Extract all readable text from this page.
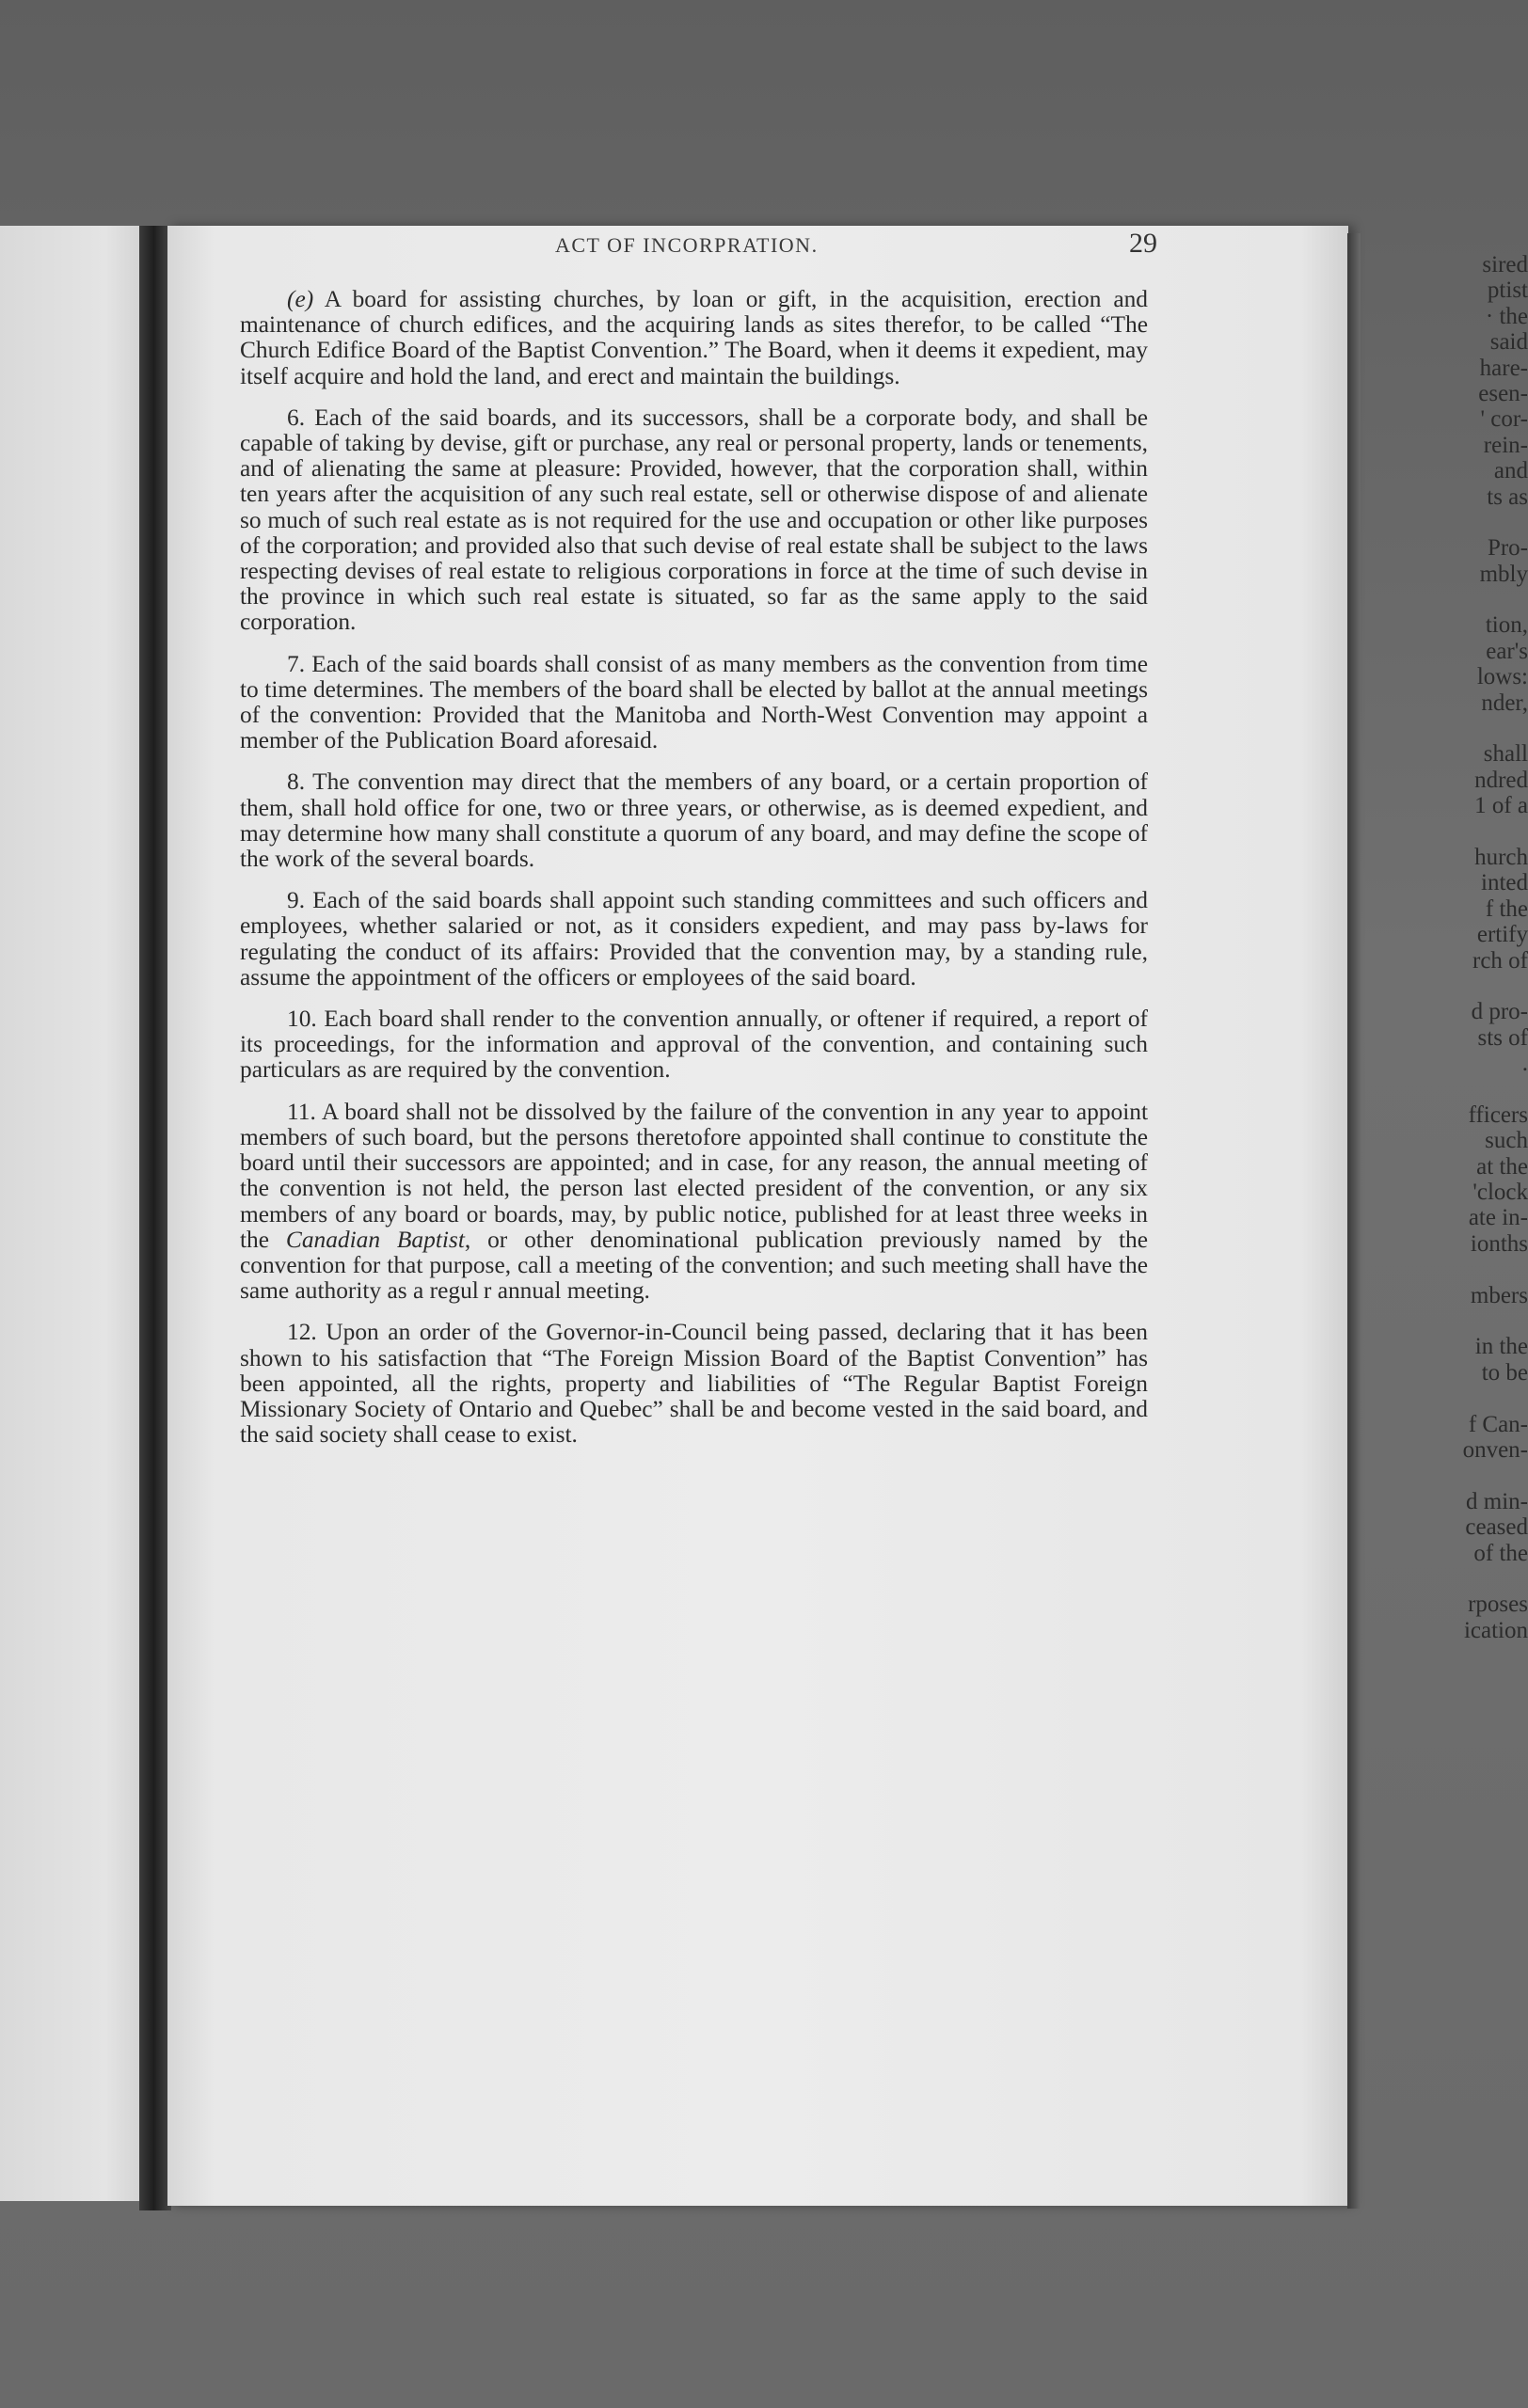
sired
ptist
· the
said
hare-
esen-
' cor-
rein-
and
ts as
Pro-
mbly
tion,
ear's
lows:
nder,
shall
ndred
1 of a
hurch
inted
f the
ertify
rch of
d pro-
sts of
.
fficers
such
at the
'clock
ate in-
ionths
mbers
in the
to be
f Can-
onven-
d min-
ceased
of the
rposes
ication
ACT OF INCORPRATION.	29

(e) A board for assisting churches, by loan or gift, in the acquisition, erection and maintenance of church edifices, and the acquiring lands as sites therefor, to be called “The Church Edifice Board of the Baptist Convention.” The Board, when it deems it expedient, may itself acquire and hold the land, and erect and maintain the buildings.

6. Each of the said boards, and its successors, shall be a corporate body, and shall be capable of taking by devise, gift or purchase, any real or personal property, lands or tenements, and of alienating the same at pleasure: Provided, however, that the corporation shall, within ten years after the acquisition of any such real estate, sell or otherwise dispose of and alienate so much of such real estate as is not required for the use and occupation or other like purposes of the corporation; and provided also that such devise of real estate shall be subject to the laws respecting devises of real estate to religious corporations in force at the time of such devise in the province in which such real estate is situated, so far as the same apply to the said corporation.

7. Each of the said boards shall consist of as many members as the convention from time to time determines. The members of the board shall be elected by ballot at the annual meetings of the convention: Provided that the Manitoba and North-West Convention may appoint a member of the Publication Board aforesaid.

8. The convention may direct that the members of any board, or a certain proportion of them, shall hold office for one, two or three years, or otherwise, as is deemed expedient, and may determine how many shall constitute a quorum of any board, and may define the scope of the work of the several boards.

9. Each of the said boards shall appoint such standing committees and such officers and employees, whether salaried or not, as it considers expedient, and may pass by-laws for regulating the conduct of its affairs: Provided that the convention may, by a standing rule, assume the appointment of the officers or employees of the said board.

10. Each board shall render to the convention annually, or oftener if required, a report of its proceedings, for the information and approval of the convention, and containing such particulars as are required by the convention.

11. A board shall not be dissolved by the failure of the convention in any year to appoint members of such board, but the persons theretofore appointed shall continue to constitute the board until their successors are appointed; and in case, for any reason, the annual meeting of the convention is not held, the person last elected president of the convention, or any six members of any board or boards, may, by public notice, published for at least three weeks in the Canadian Baptist, or other denominational publication previously named by the convention for that purpose, call a meeting of the convention; and such meeting shall have the same authority as a regul r annual meeting.

12. Upon an order of the Governor-in-Council being passed, declaring that it has been shown to his satisfaction that “The Foreign Mission Board of the Baptist Convention” has been appointed, all the rights, property and liabilities of “The Regular Baptist Foreign Missionary Society of Ontario and Quebec” shall be and become vested in the said board, and the said society shall cease to exist.
